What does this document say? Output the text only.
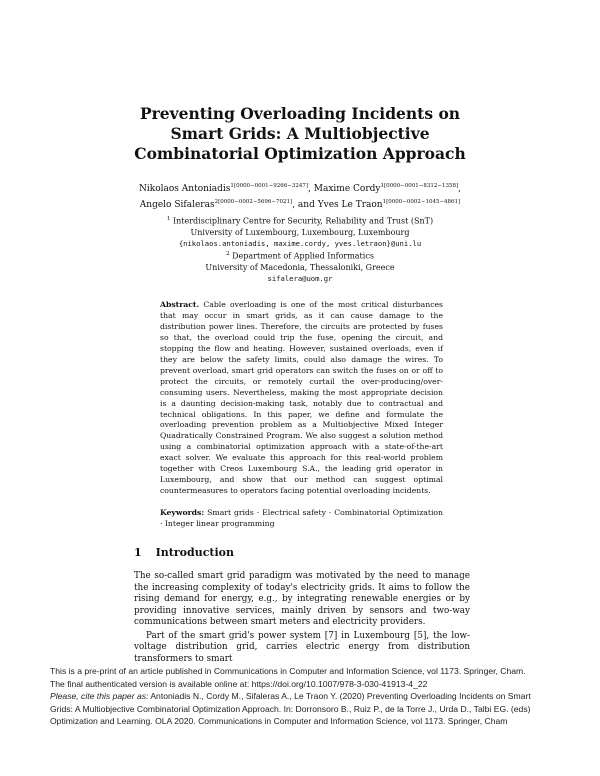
Preventing Overloading Incidents on Smart Grids: A Multiobjective Combinatorial Optimization Approach
Nikolaos Antoniadis$^{1[0000-0001-9266-3247]}$, Maxime Cordy$^{1[0000-0001-8312-1358]}$,
Angelo Sifaleras$^{2[0000-0002-5696-7021]}$, and Yves Le Traon$^{1[0000-0002-1045-4861]}$
$^1$ Interdisciplinary Centre for Security, Reliability and Trust (SnT)
University of Luxembourg, Luxembourg, Luxembourg
{nikolaos.antoniadis, maxime.cordy, yves.letraon}@uni.lu
$^2$ Department of Applied Informatics
University of Macedonia, Thessaloniki, Greece
sifalera@uom.gr
Abstract. Cable overloading is one of the most critical disturbances that may occur in smart grids, as it can cause damage to the distribution power lines. Therefore, the circuits are protected by fuses so that, the overload could trip the fuse, opening the circuit, and stopping the flow and heating. However, sustained overloads, even if they are below the safety limits, could also damage the wires. To prevent overload, smart grid operators can switch the fuses on or off to protect the circuits, or remotely curtail the over-producing/over-consuming users. Nevertheless, making the most appropriate decision is a daunting decision-making task, notably due to contractual and technical obligations. In this paper, we define and formulate the overloading prevention problem as a Multiobjective Mixed Integer Quadratically Constrained Program. We also suggest a solution method using a combinatorial optimization approach with a state-of-the-art exact solver. We evaluate this approach for this real-world problem together with Creos Luxembourg S.A., the leading grid operator in Luxembourg, and show that our method can suggest optimal countermeasures to operators facing potential overloading incidents.
Keywords: Smart grids · Electrical safety · Combinatorial Optimization · Integer linear programming
1 Introduction

The so-called smart grid paradigm was motivated by the need to manage the increasing complexity of today's electricity grids. It aims to follow the rising demand for energy, e.g., by integrating renewable energies or by providing innovative services, mainly driven by sensors and two-way communications between smart meters and electricity providers.

Part of the smart grid's power system [7] in Luxembourg [5], the low-voltage distribution grid, carries electric energy from distribution transformers to smart

This is a pre-print of an article published in Communications in Computer and Information Science, vol 1173. Springer, Cham.
The final authenticated version is available online at: https://doi.org/10.1007/978-3-030-41913-4_22
Please, cite this paper as: Antoniadis N., Cordy M., Sifaleras A., Le Traon Y. (2020) Preventing Overloading Incidents on Smart
Grids: A Multiobjective Combinatorial Optimization Approach. In: Dorronsoro B., Ruiz P., de la Torre J., Urda D., Talbi EG. (eds)
Optimization and Learning. OLA 2020. Communications in Computer and Information Science, vol 1173. Springer, Cham
